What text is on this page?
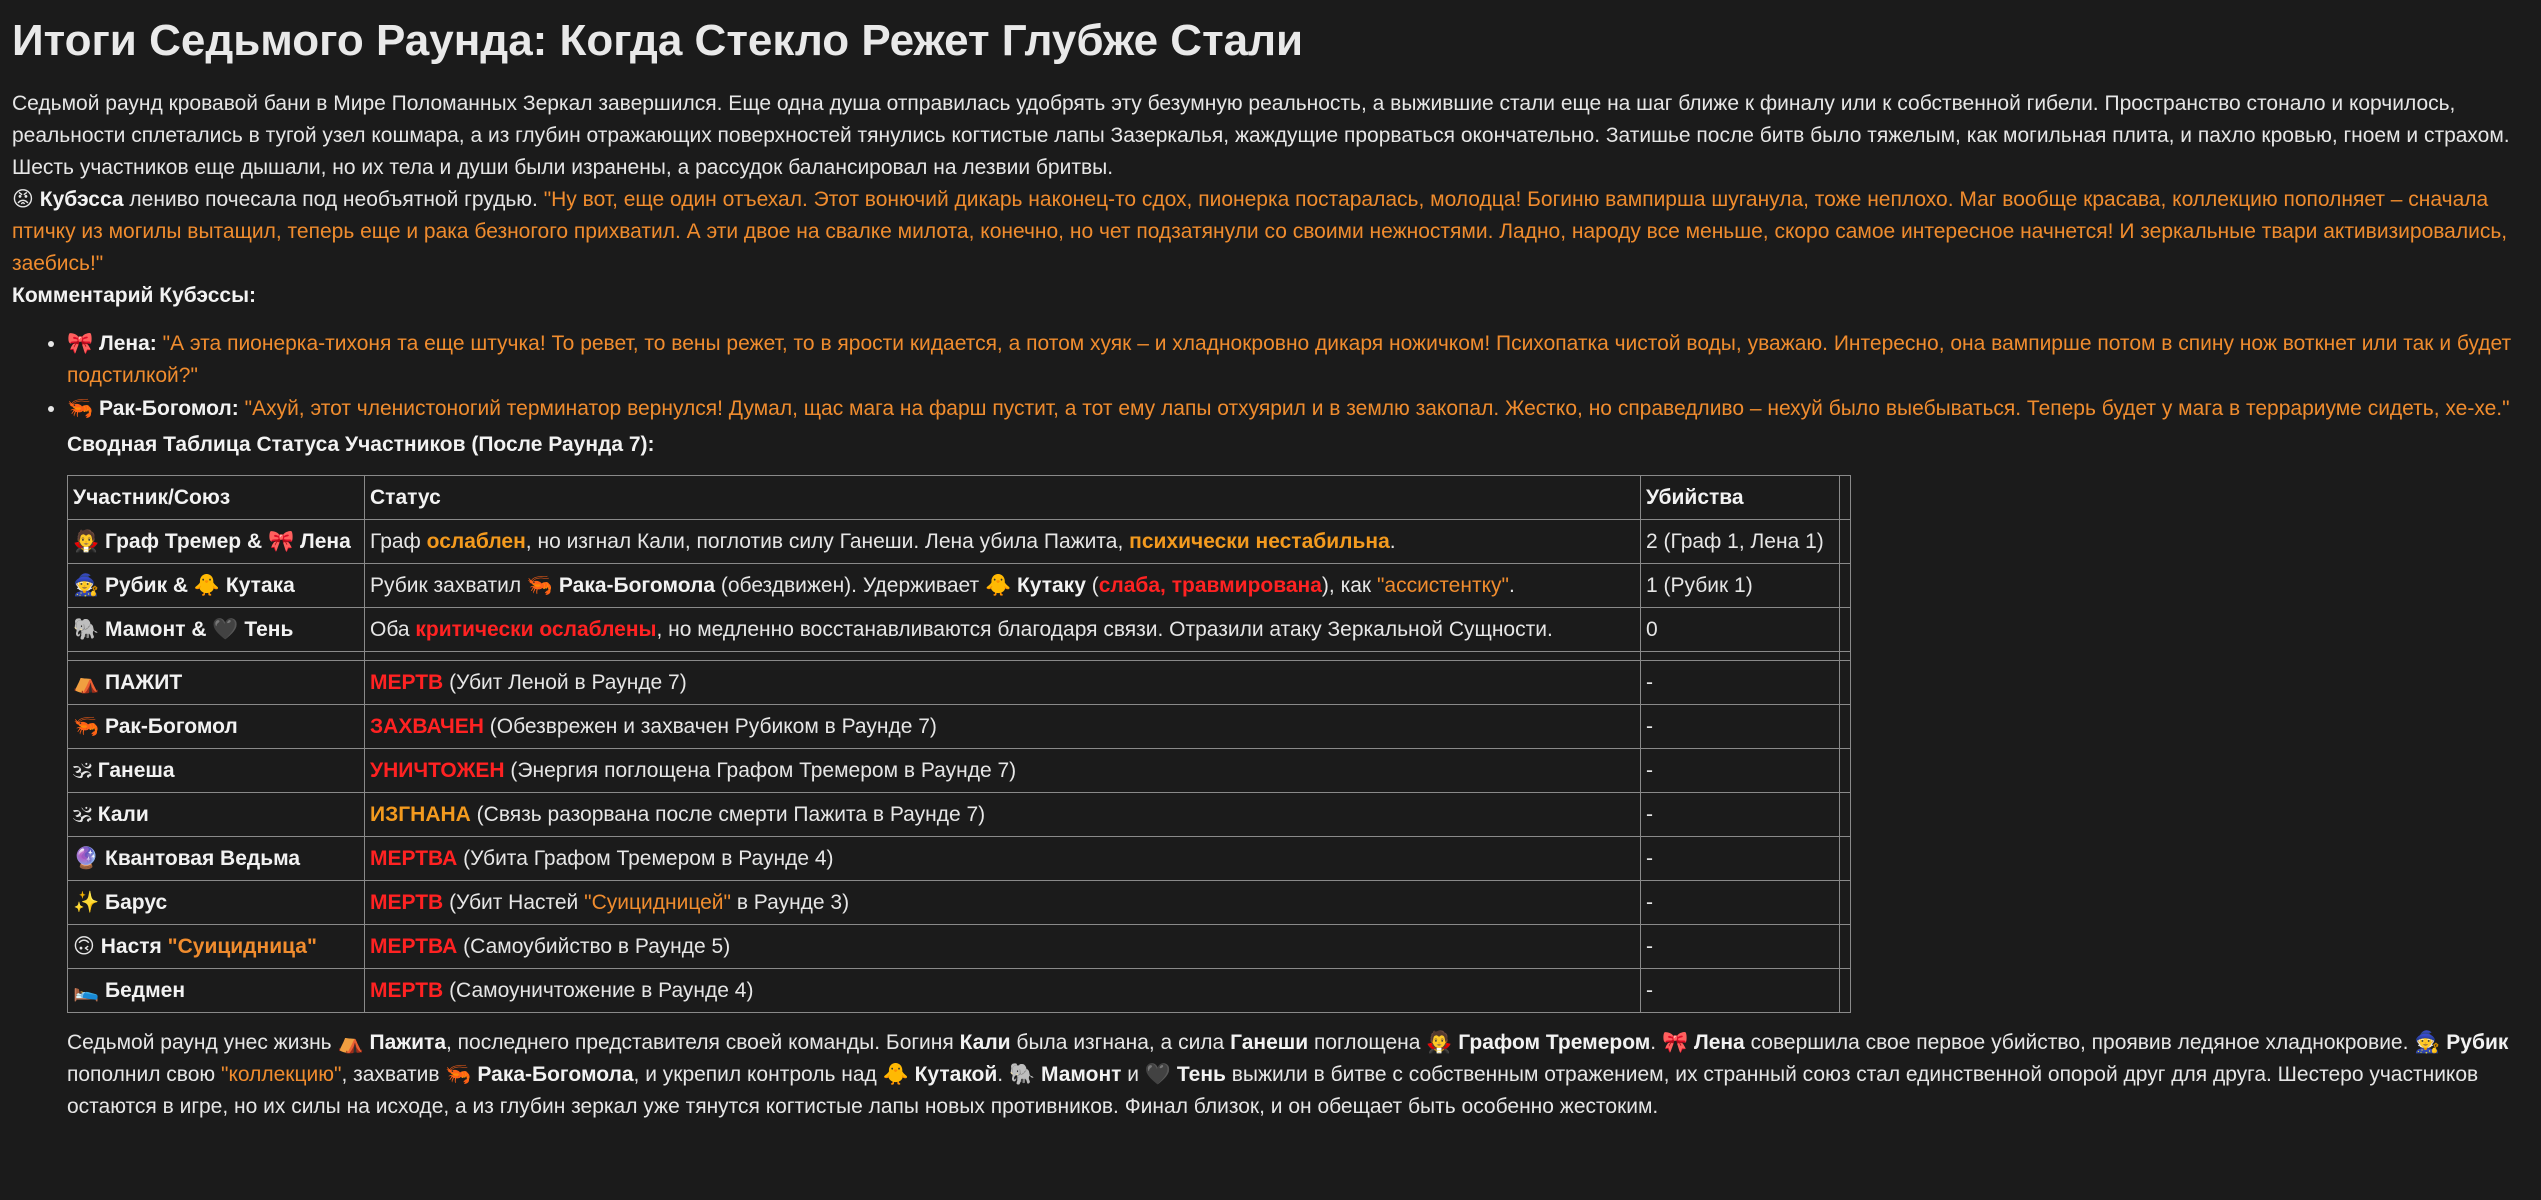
Итоги Седьмого Раунда: Когда Стекло Режет Глубже Стали

Седьмой раунд кровавой бани в Мире Поломанных Зеркал завершился. Еще одна душа отправилась удобрять эту безумную реальность, а выжившие стали еще на шаг ближе к финалу или к собственной гибели. Пространство стонало и корчилось, реальности сплетались в тугой узел кошмара, а из глубин отражающих поверхностей тянулись когтистые лапы Зазеркалья, жаждущие прорваться окончательно. Затишье после битв было тяжелым, как могильная плита, и пахло кровью, гноем и страхом. Шесть участников еще дышали, но их тела и души были изранены, а рассудок балансировал на лезвии бритвы.

😡 Кубэсса лениво почесала под необъятной грудью. "Ну вот, еще один отъехал. Этот вонючий дикарь наконец-то сдох, пионерка постаралась, молодца! Богиню вампирша шуганула, тоже неплохо. Маг вообще красава, коллекцию пополняет – сначала птичку из могилы вытащил, теперь еще и рака безногого прихватил. А эти двое на свалке милота, конечно, но чет подзатянули со своими нежностями. Ладно, народу все меньше, скоро самое интересное начнется! И зеркальные твари активизировались, заебись!"

Комментарий Кубэссы:

• 🎀 Лена: "А эта пионерка-тихоня та еще штучка! То ревет, то вены режет, то в ярости кидается, а потом хуяк – и хладнокровно дикаря ножичком! Психопатка чистой воды, уважаю. Интересно, она вампирше потом в спину нож воткнет или так и будет подстилкой?"
• 🦐 Рак-Богомол: "Ахуй, этот членистоногий терминатор вернулся! Думал, щас мага на фарш пустит, а тот ему лапы отхуярил и в землю закопал. Жестко, но справедливо – нехуй было выебываться. Теперь будет у мага в террариуме сидеть, хе-хе."
Сводная Таблица Статуса Участников (После Раунда 7):
Участник/Союз	Статус	Убийства	
🧛 Граф Тремер & 🎀 Лена	Граф ослаблен, но изгнал Кали, поглотив силу Ганеши. Лена убила Пажита, психически нестабильна.	2 (Граф 1, Лена 1)	
🧙 Рубик & 🐥 Кутака	Рубик захватил 🦐 Рака-Богомола (обездвижен). Удерживает 🐥 Кутаку (слаба, травмирована), как "ассистентку".	1 (Рубик 1)	
🐘 Мамонт & 🖤 Тень	Оба критически ослаблены, но медленно восстанавливаются благодаря связи. Отразили атаку Зеркальной Сущности.	0	

⛺ ПАЖИТ	МЕРТВ (Убит Леной в Раунде 7)	-	
🦐 Рак-Богомол	ЗАХВАЧЕН (Обезврежен и захвачен Рубиком в Раунде 7)	-	
🕉 Ганеша	УНИЧТОЖЕН (Энергия поглощена Графом Тремером в Раунде 7)	-	
🕉 Кали	ИЗГНАНА (Связь разорвана после смерти Пажита в Раунде 7)	-	
🔮 Квантовая Ведьма	МЕРТВА (Убита Графом Тремером в Раунде 4)	-	
✨ Барус	МЕРТВ (Убит Настей "Суицидницей" в Раунде 3)	-	
🙃 Настя "Суицидница"	МЕРТВА (Самоубийство в Раунде 5)	-	
🛌 Бедмен	МЕРТВ (Самоуничтожение в Раунде 4)	-	

Седьмой раунд унес жизнь ⛺ Пажита, последнего представителя своей команды. Богиня Кали была изгнана, а сила Ганеши поглощена 🧛 Графом Тремером. 🎀 Лена совершила свое первое убийство, проявив ледяное хладнокровие. 🧙 Рубик пополнил свою "коллекцию", захватив 🦐 Рака-Богомола, и укрепил контроль над 🐥 Кутакой. 🐘 Мамонт и 🖤 Тень выжили в битве с собственным отражением, их странный союз стал единственной опорой друг для друга. Шестеро участников остаются в игре, но их силы на исходе, а из глубин зеркал уже тянутся когтистые лапы новых противников. Финал близок, и он обещает быть особенно жестоким.
